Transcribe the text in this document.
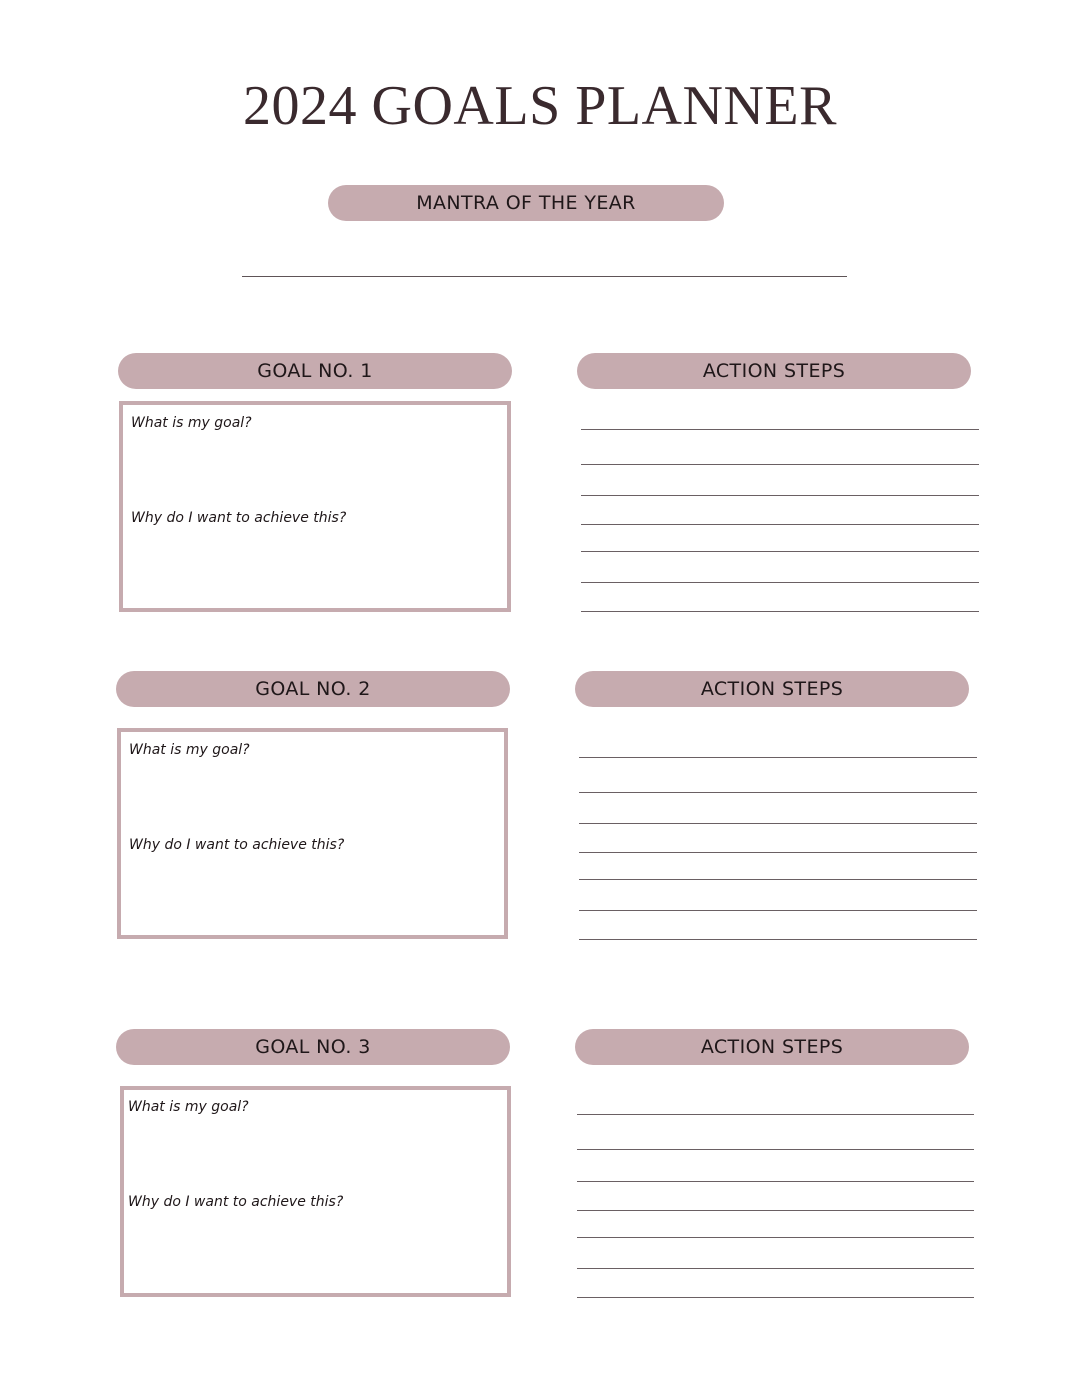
2024 GOALS PLANNER
MANTRA OF THE YEAR
GOAL NO. 1	ACTION STEPS
What is my goal?
Why do I want to achieve this?
GOAL NO. 2	ACTION STEPS
What is my goal?
Why do I want to achieve this?
GOAL NO. 3	ACTION STEPS
What is my goal?
Why do I want to achieve this?
